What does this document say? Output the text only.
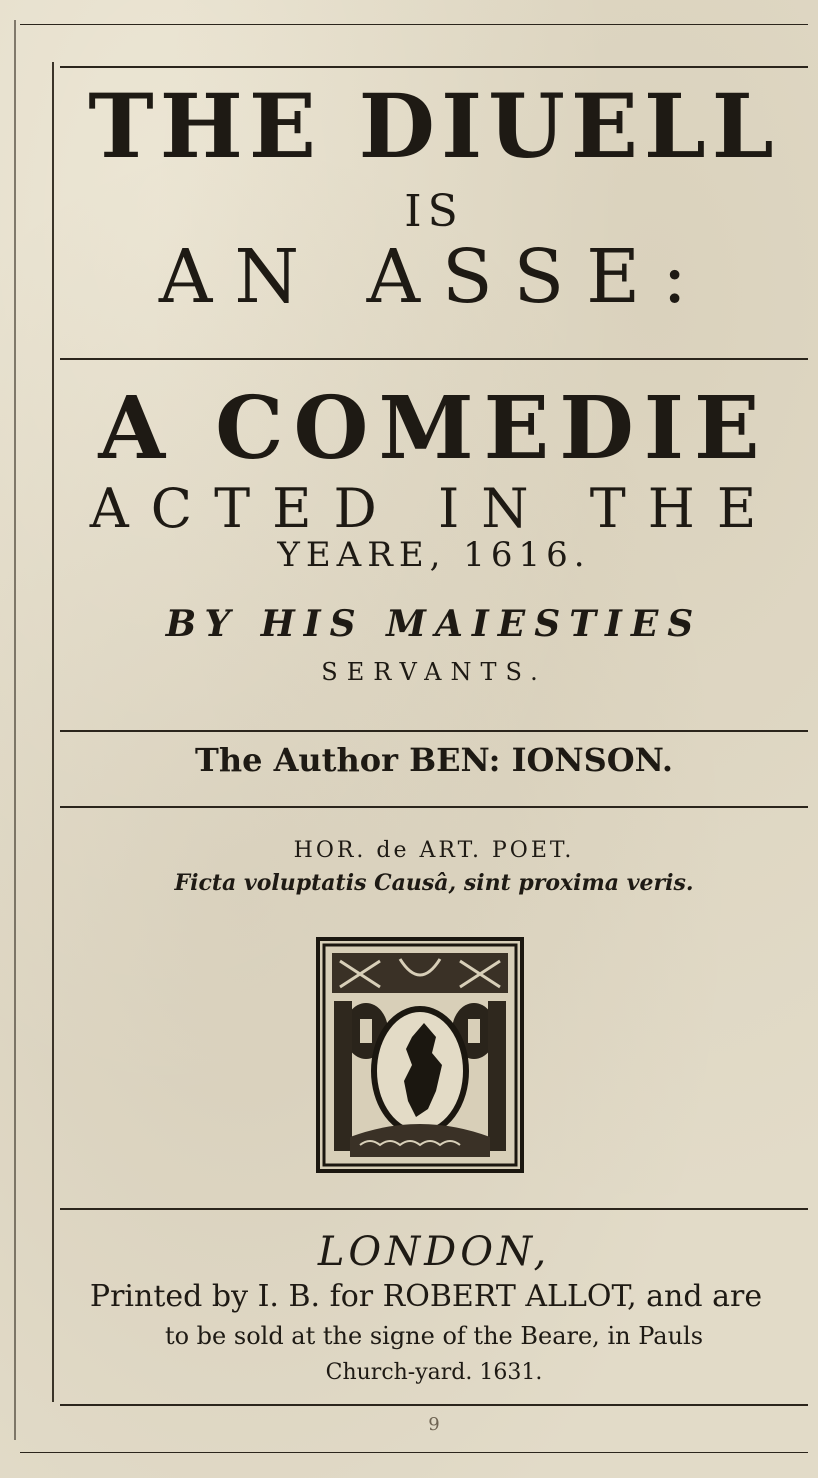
THE DIUELL
IS
AN ASSE:
A COMEDIE
ACTED IN THE
YEARE, 1616.
BY HIS MAIESTIES
SERVANTS.
The Author BEN: IONSON.
HOR. de ART. POET.
Ficta voluptatis Causâ, sint proxima veris.
LONDON,
Printed by I. B. for ROBERT ALLOT, and are
to be sold at the signe of the Beare, in Pauls
Church-yard. 1631.
9
